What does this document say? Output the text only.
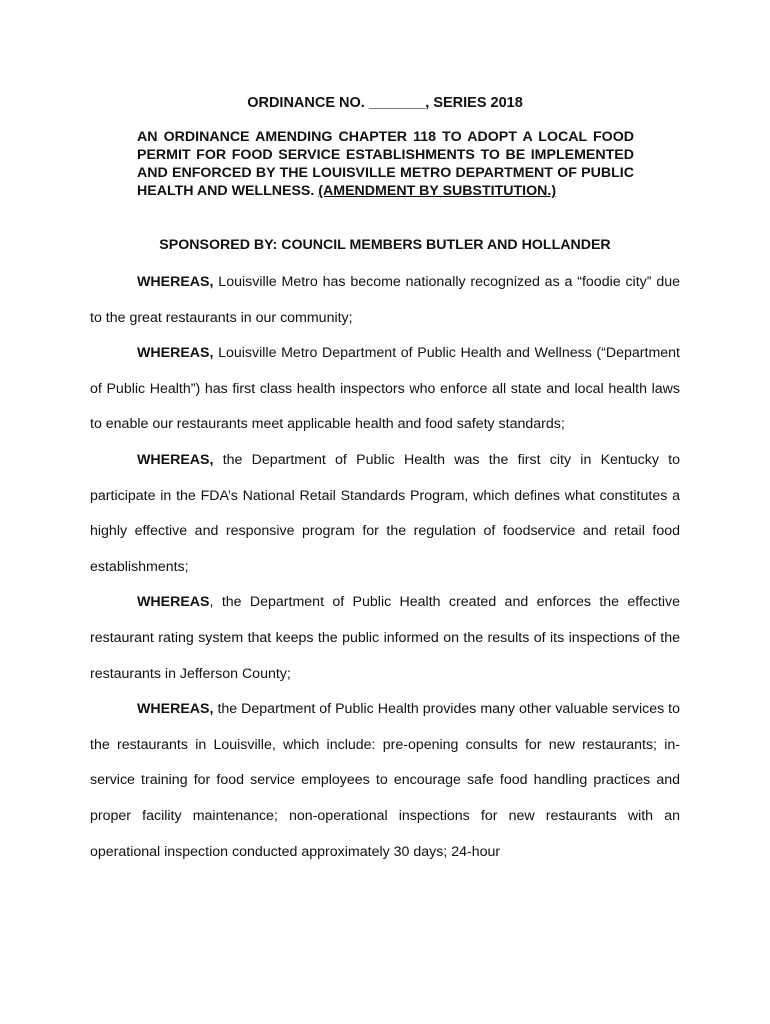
ORDINANCE NO. _______, SERIES 2018
AN ORDINANCE AMENDING CHAPTER 118 TO ADOPT A LOCAL FOOD PERMIT FOR FOOD SERVICE ESTABLISHMENTS TO BE IMPLEMENTED AND ENFORCED BY THE LOUISVILLE METRO DEPARTMENT OF PUBLIC HEALTH AND WELLNESS. (AMENDMENT BY SUBSTITUTION.)
SPONSORED BY: COUNCIL MEMBERS BUTLER AND HOLLANDER

WHEREAS, Louisville Metro has become nationally recognized as a “foodie city” due to the great restaurants in our community;

WHEREAS, Louisville Metro Department of Public Health and Wellness (“Department of Public Health”) has first class health inspectors who enforce all state and local health laws to enable our restaurants meet applicable health and food safety standards;

WHEREAS, the Department of Public Health was the first city in Kentucky to participate in the FDA’s National Retail Standards Program, which defines what constitutes a highly effective and responsive program for the regulation of foodservice and retail food establishments;

WHEREAS, the Department of Public Health created and enforces the effective restaurant rating system that keeps the public informed on the results of its inspections of the restaurants in Jefferson County;

WHEREAS, the Department of Public Health provides many other valuable services to the restaurants in Louisville, which include: pre-opening consults for new restaurants; in-service training for food service employees to encourage safe food handling practices and proper facility maintenance; non-operational inspections for new restaurants with an operational inspection conducted approximately 30 days; 24-hour
